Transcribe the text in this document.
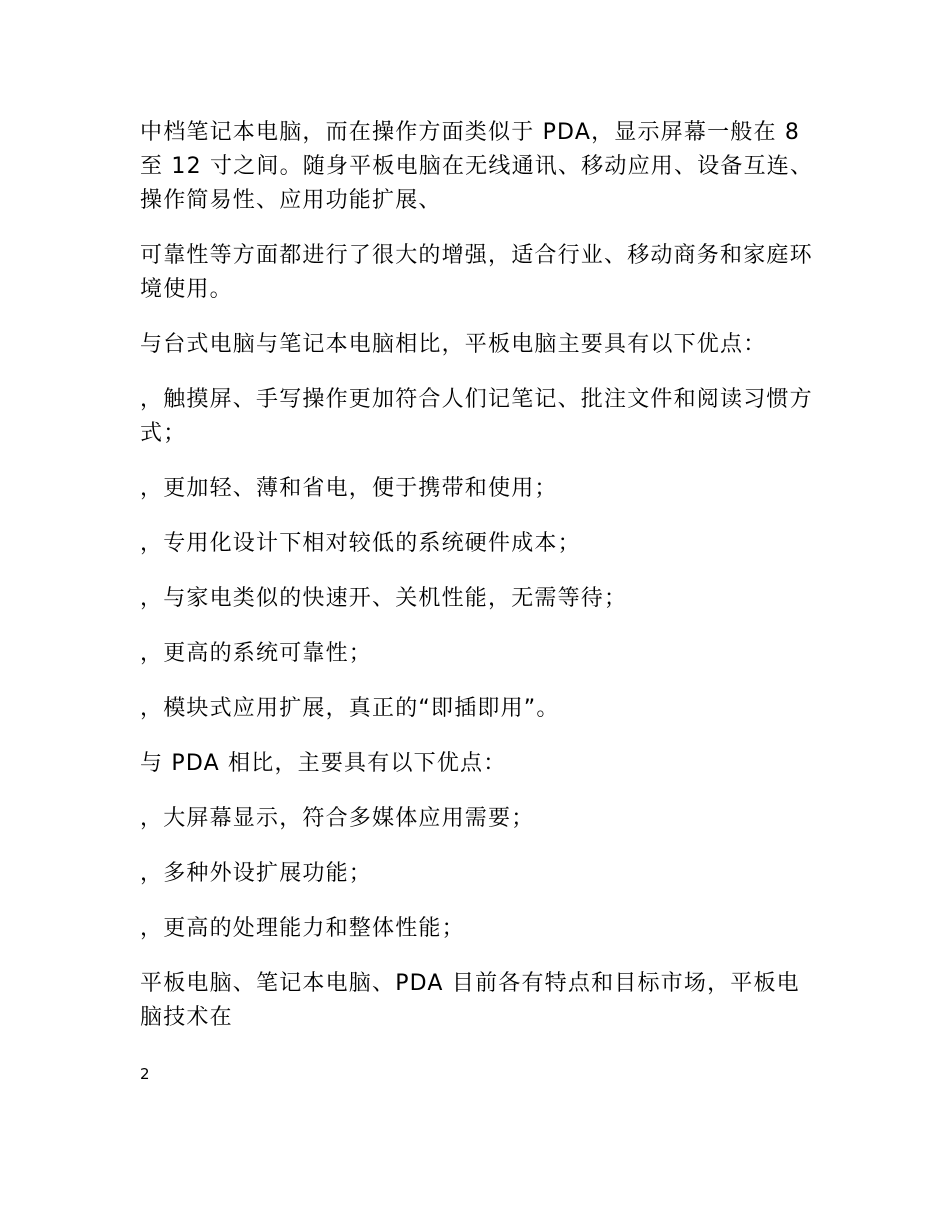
中档笔记本电脑，而在操作方面类似于 PDA，显示屏幕一般在 8 至 12 寸之间。随身平板电脑在无线通讯、移动应用、设备互连、操作简易性、应用功能扩展、

可靠性等方面都进行了很大的增强，适合行业、移动商务和家庭环境使用。

与台式电脑与笔记本电脑相比，平板电脑主要具有以下优点：

，触摸屏、手写操作更加符合人们记笔记、批注文件和阅读习惯方式；

，更加轻、薄和省电，便于携带和使用；

，专用化设计下相对较低的系统硬件成本；

，与家电类似的快速开、关机性能，无需等待；

，更高的系统可靠性；

，模块式应用扩展，真正的“即插即用”。

与 PDA 相比，主要具有以下优点：

，大屏幕显示，符合多媒体应用需要；

，多种外设扩展功能；

，更高的处理能力和整体性能；

平板电脑、笔记本电脑、PDA 目前各有特点和目标市场，平板电脑技术在

2
